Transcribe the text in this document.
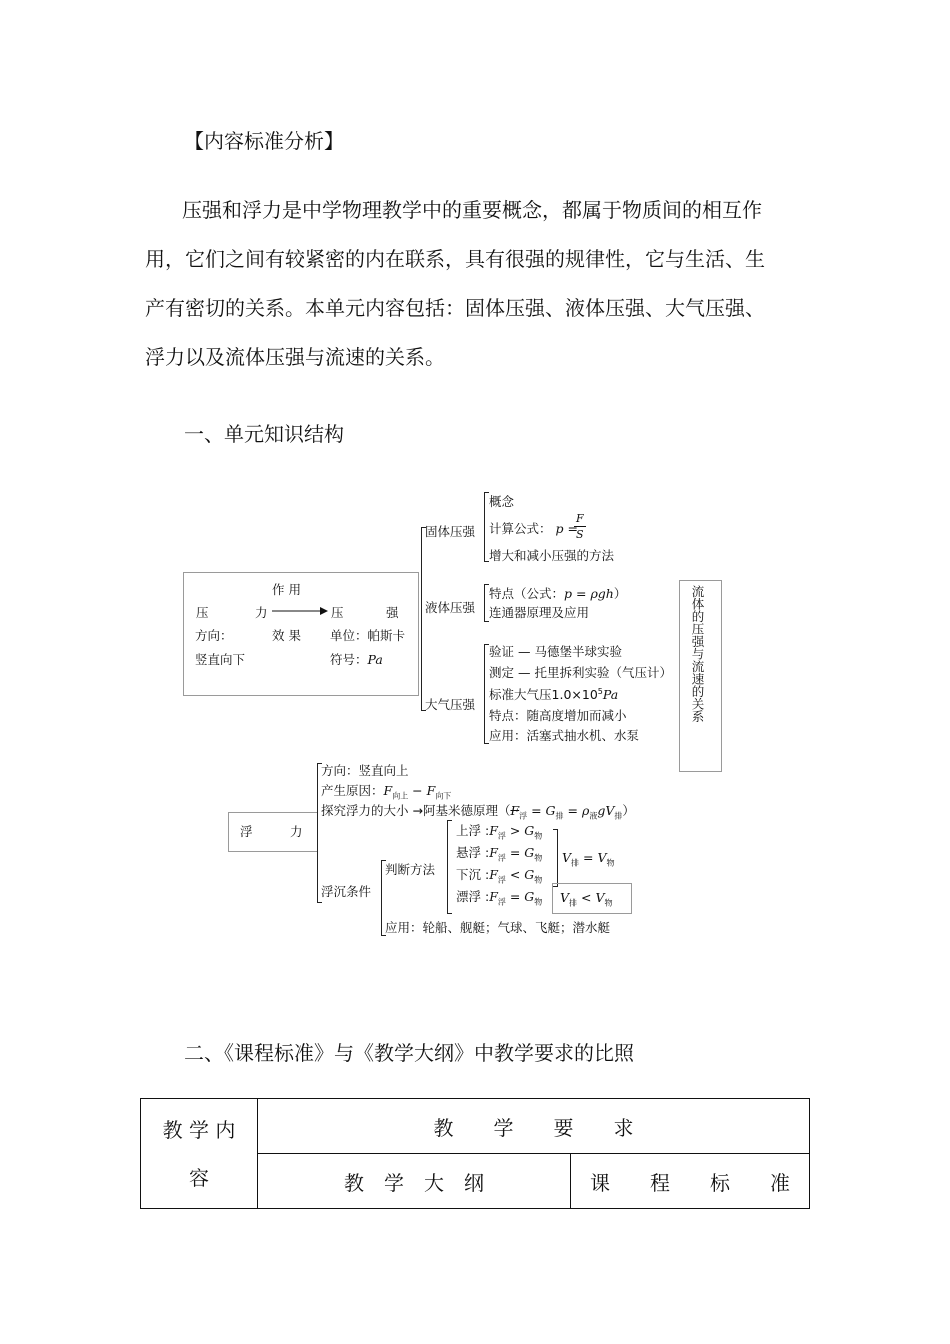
【内容标准分析】

压强和浮力是中学物理教学中的重要概念，都属于物质间的相互作

用，它们之间有较紧密的内在联系，具有很强的规律性，它与生活、生

产有密切的关系。本单元内容包括：固体压强、液体压强、大气压强、

浮力以及流体压强与流速的关系。

一、单元知识结构
作 用
压	力	压	强
方向：	效 果 单位：帕斯卡
竖直向下	符号：Pa
固体压强
概念
计算公式： p =
F
S
增大和减小压强的方法
液体压强
特点（公式：p = ρgh）
连通器原理及应用
大气压强
验证 — 马德堡半球实验
测定 — 托里拆利实验（气压计）
标准大气压$1.0\times 10^5Pa$
特点：随高度增加而减小
应用：活塞式抽水机、水泵
流体的压强与流速的关系
浮	力
方向：竖直向上
产生原因：$F_{向上} - F_{向下}$
探究浮力的大小 →阿基米德原理$(F_浮 = G_排 = \rho_液gV_排)$
浮沉条件
判断方法
上浮 $:F_浮 > G_物$
悬浮 $:F_浮 = G_物$
下沉 $:F_浮 < G_物$
漂浮 $:F_浮 = G_物$
$V_排 = V_物$
$V_排 < V_物$
应用：轮船、舰艇；气球、飞艇；潜水艇
二、《课程标准》与《教学大纲》中教学要求的比照
教 学 内
容	教　　学　　要　　求	
	教　学　大　纲	课　　程　　标　　准
